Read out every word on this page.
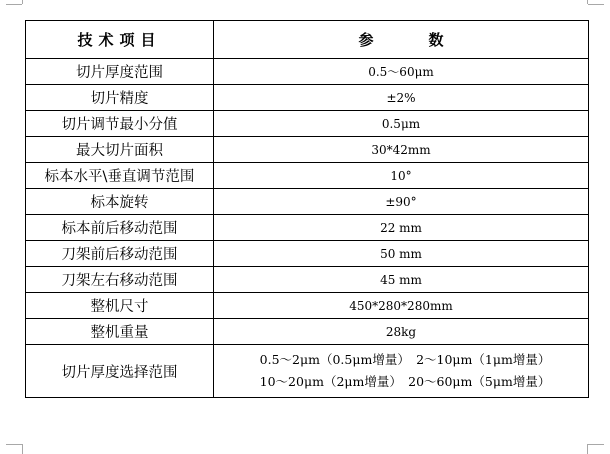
技术项目	参 数
切片厚度范围	0.5～60μm
切片精度	±2%
切片调节最小分值	0.5μm
最大切片面积	30*42mm
标本水平\垂直调节范围	10°
标本旋转	±90°
标本前后移动范围	22 mm
刀架前后移动范围	50 mm
刀架左右移动范围	45 mm
整机尺寸	450*280*280mm
整机重量	28kg
切片厚度选择范围	0.5～2μm（0.5μm增量）　2～10μm（1μm增量）
10～20μm（2μm增量）　20～60μm（5μm增量）
